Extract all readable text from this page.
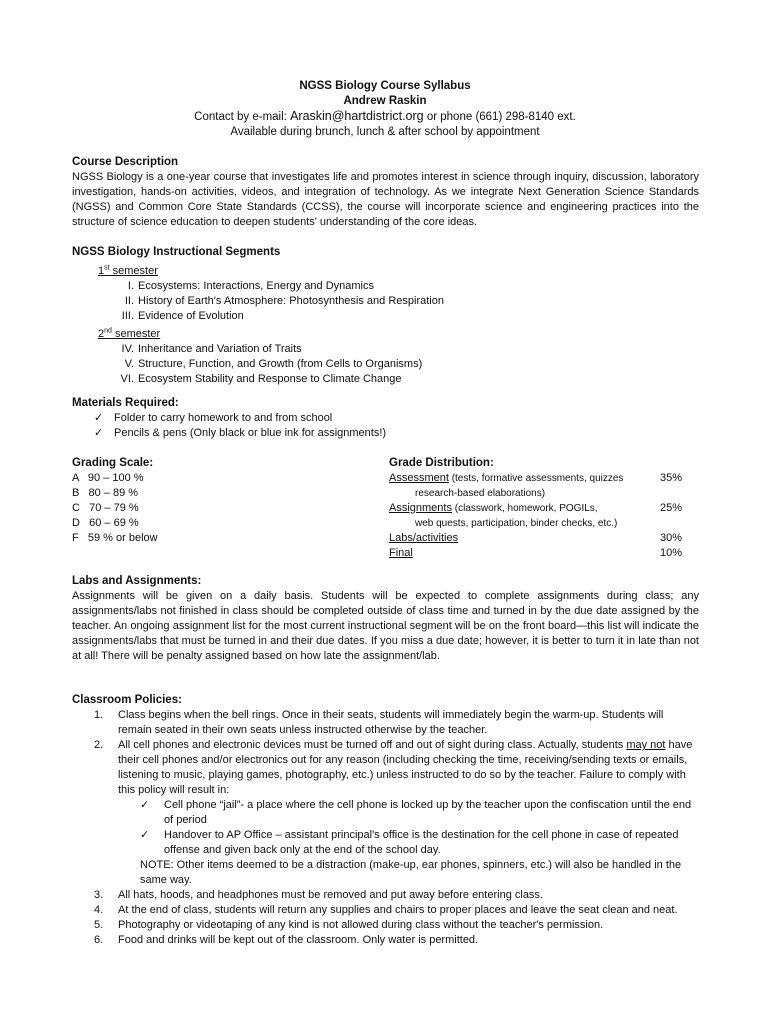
NGSS Biology Course Syllabus
Andrew Raskin
Contact by e-mail: Araskin@hartdistrict.org or phone (661) 298-8140 ext.
Available during brunch, lunch & after school by appointment
Course Description
NGSS Biology is a one-year course that investigates life and promotes interest in science through inquiry, discussion, laboratory investigation, hands-on activities, videos, and integration of technology. As we integrate Next Generation Science Standards (NGSS) and Common Core State Standards (CCSS), the course will incorporate science and engineering practices into the structure of science education to deepen students' understanding of the core ideas.
NGSS Biology Instructional Segments
1st semester
I. Ecosystems: Interactions, Energy and Dynamics
II. History of Earth's Atmosphere: Photosynthesis and Respiration
III. Evidence of Evolution
2nd semester
IV. Inheritance and Variation of Traits
V. Structure, Function, and Growth (from Cells to Organisms)
VI. Ecosystem Stability and Response to Climate Change
Materials Required:
✓ Folder to carry homework to and from school
✓ Pencils & pens (Only black or blue ink for assignments!)
Grading Scale:
A   90 – 100 %
B   80 – 89 %
C   70 – 79 %
D   60 – 69 %
F   59 % or below
Grade Distribution:
Assessment (tests, formative assessments, quizzes	35%
research-based elaborations)
Assignments (classwork, homework, POGILs,	25%
web quests, participation, binder checks, etc.)
Labs/activities	30%
Final	10%
Labs and Assignments:
Assignments will be given on a daily basis. Students will be expected to complete assignments during class; any assignments/labs not finished in class should be completed outside of class time and turned in by the due date assigned by the teacher. An ongoing assignment list for the most current instructional segment will be on the front board—this list will indicate the assignments/labs that must be turned in and their due dates. If you miss a due date; however, it is better to turn it in late than not at all! There will be penalty assigned based on how late the assignment/lab.
Classroom Policies:
1. Class begins when the bell rings. Once in their seats, students will immediately begin the warm-up. Students will remain seated in their own seats unless instructed otherwise by the teacher.
2. All cell phones and electronic devices must be turned off and out of sight during class. Actually, students may not have their cell phones and/or electronics out for any reason (including checking the time, receiving/sending texts or emails, listening to music, playing games, photography, etc.) unless instructed to do so by the teacher. Failure to comply with this policy will result in:
✓ Cell phone “jail”- a place where the cell phone is locked up by the teacher upon the confiscation until the end of period
✓ Handover to AP Office – assistant principal's office is the destination for the cell phone in case of repeated offense and given back only at the end of the school day.
NOTE: Other items deemed to be a distraction (make-up, ear phones, spinners, etc.) will also be handled in the same way.
3. All hats, hoods, and headphones must be removed and put away before entering class.
4. At the end of class, students will return any supplies and chairs to proper places and leave the seat clean and neat.
5. Photography or videotaping of any kind is not allowed during class without the teacher's permission.
6. Food and drinks will be kept out of the classroom. Only water is permitted.
